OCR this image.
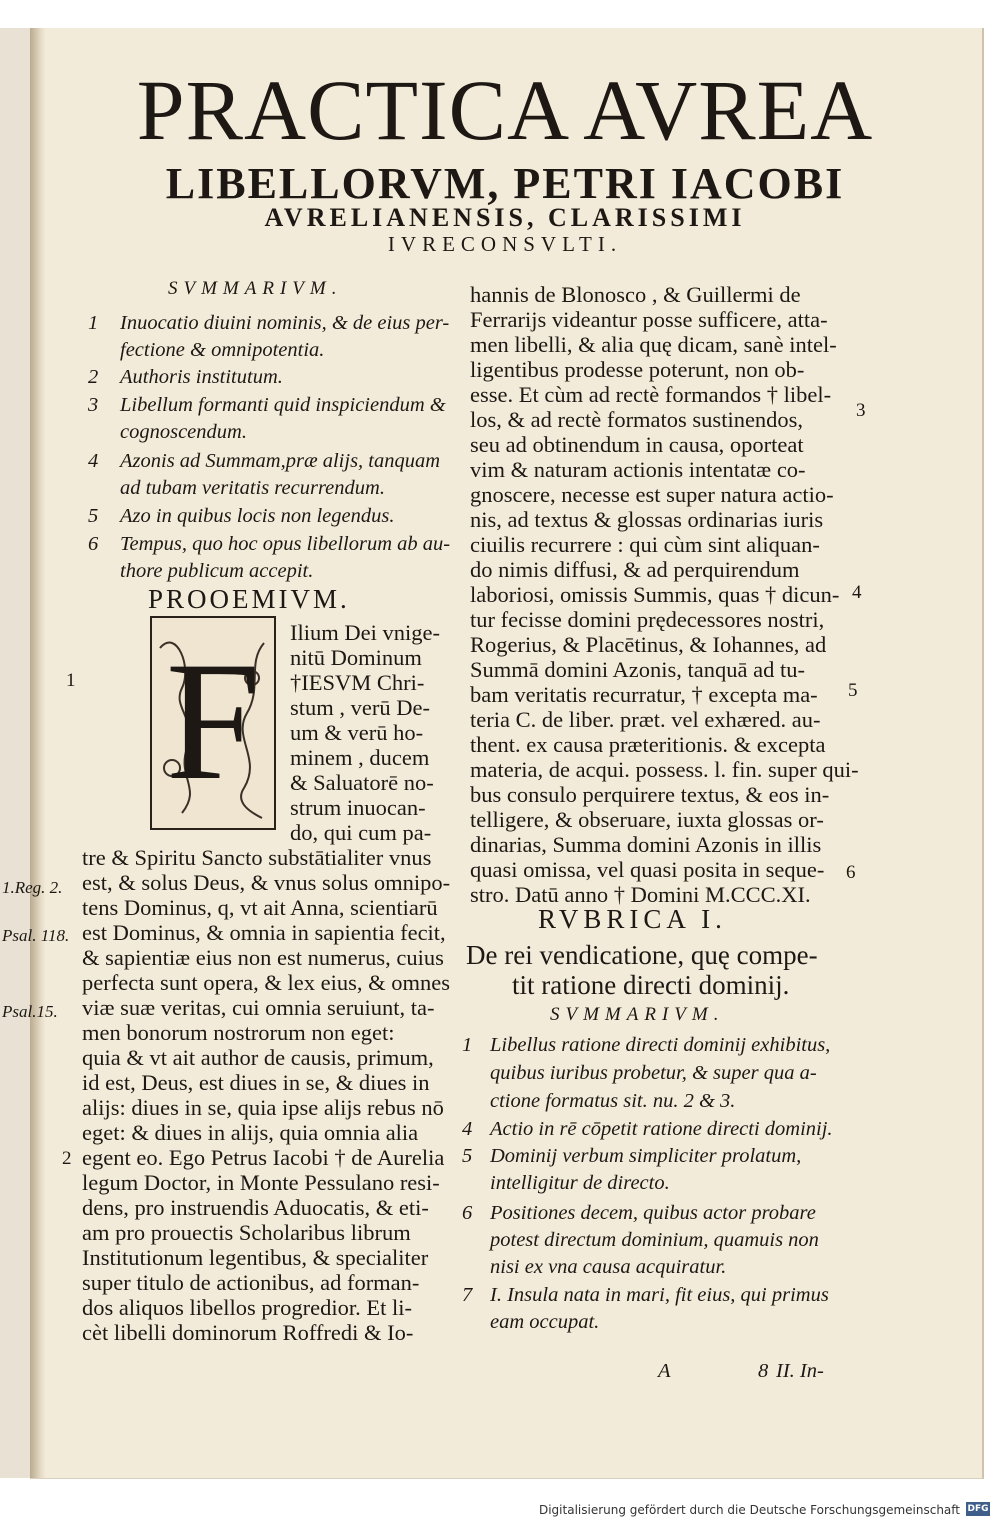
PRACTICA AVREA
LIBELLORVM, PETRI IACOBI
AVRELIANENSIS, CLARISSIMI
IVRECONSVLTI.
SVMMARIVM.
1 Inuocatio diuini nominis, & de eius per-
fectione & omnipotentia.
2 Authoris institutum.
3 Libellum formanti quid inspiciendum &
cognoscendum.
4 Azonis ad Summam,præ alijs, tanquam
ad tubam veritatis recurrendum.
5 Azo in quibus locis non legendus.
6 Tempus, quo hoc opus libellorum ab au-
thore publicum accepit.
PROOEMIVM.
F	Ilium Dei vnige-
nitū Dominum
†IESVM Chri-
stum , verū De-
um & verū ho-
minem , ducem
& Saluatorē no-
strum inuocan-
do, qui cum pa-
tre & Spiritu Sancto substātialiter vnus
est, & solus Deus, & vnus solus omnipo-
tens Dominus, q, vt ait Anna, scientiarū
est Dominus, & omnia in sapientia fecit,
& sapientiæ eius non est numerus, cuius
perfecta sunt opera, & lex eius, & omnes
viæ suæ veritas, cui omnia seruiunt, ta-
men bonorum nostrorum non eget:
quia & vt ait author de causis, primum,
id est, Deus, est diues in se, & diues in
alijs: diues in se, quia ipse alijs rebus nō
eget: & diues in alijs, quia omnia alia
egent eo. Ego Petrus Iacobi † de Aurelia
legum Doctor, in Monte Pessulano resi-
dens, pro instruendis Aduocatis, & eti-
am pro prouectis Scholaribus librum
Institutionum legentibus, & specialiter
super titulo de actionibus, ad forman-
dos aliquos libellos progredior. Et li-
cèt libelli dominorum Roffredi & Io-
1
1.Reg. 2.
Psal. 118.
Psal.15.
2
hannis de Blonosco , & Guillermi de
Ferrarijs videantur posse sufficere, atta-
men libelli, & alia quę dicam, sanè intel-
ligentibus prodesse poterunt, non ob-
esse. Et cùm ad rectè formandos † libel-
los, & ad rectè formatos sustinendos,
seu ad obtinendum in causa, oporteat
vim & naturam actionis intentatæ co-
gnoscere, necesse est super natura actio-
nis, ad textus & glossas ordinarias iuris
ciuilis recurrere : qui cùm sint aliquan-
do nimis diffusi, & ad perquirendum
laboriosi, omissis Summis, quas † dicun-
tur fecisse domini prędecessores nostri,
Rogerius, & Placētinus, & Iohannes, ad
Summā domini Azonis, tanquā ad tu-
bam veritatis recurratur, † excepta ma-
teria C. de liber. præt. vel exhæred. au-
thent. ex causa præteritionis. & excepta
materia, de acqui. possess. l. fin. super qui-
bus consulo perquirere textus, & eos in-
telligere, & obseruare, iuxta glossas or-
dinarias, Summa domini Azonis in illis
quasi omissa, vel quasi posita in seque-
stro. Datū anno † Domini M.CCC.XI.
3
4
5
6
RVBRICA I.
De rei vendicatione, quę compe-
tit ratione directi dominij.
SVMMARIVM.
1 Libellus ratione directi dominij exhibitus,
quibus iuribus probetur, & super qua a-
ctione formatus sit. nu. 2 & 3.
4 Actio in rē cōpetit ratione directi dominij.
5 Dominij verbum simpliciter prolatum,
intelligitur de directo.
6 Positiones decem, quibus actor probare
potest directum dominium, quamuis non
nisi ex vna causa acquiratur.
7 I. Insula nata in mari, fit eius, qui primus
eam occupat.
A	8 II. In-
Digitalisierung gefördert durch die Deutsche Forschungsgemeinschaft DFG
